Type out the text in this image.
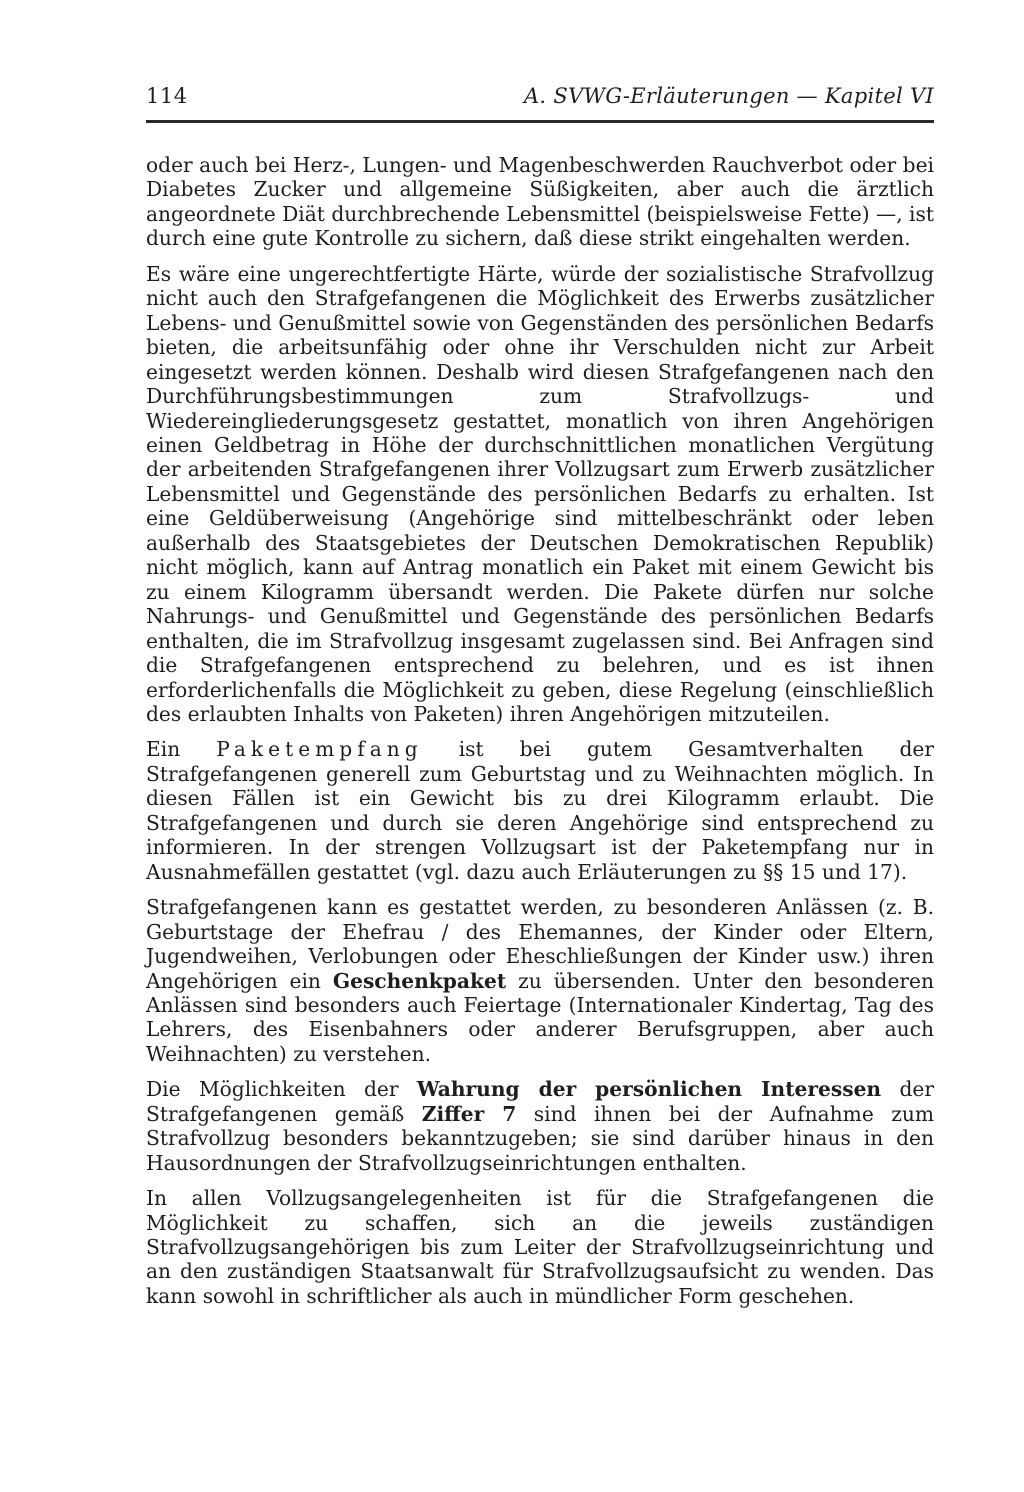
114	A. SVWG-Erläuterungen — Kapitel VI

oder auch bei Herz-, Lungen- und Magenbeschwerden Rauchverbot oder bei Diabetes Zucker und allgemeine Süßigkeiten, aber auch die ärztlich angeordnete Diät durchbrechende Lebensmittel (beispielsweise Fette) —, ist durch eine gute Kontrolle zu sichern, daß diese strikt eingehalten werden.

Es wäre eine ungerechtfertigte Härte, würde der sozialistische Strafvollzug nicht auch den Strafgefangenen die Möglichkeit des Erwerbs zusätzlicher Lebens- und Genußmittel sowie von Gegenständen des persönlichen Bedarfs bieten, die arbeitsunfähig oder ohne ihr Verschulden nicht zur Arbeit eingesetzt werden können. Deshalb wird diesen Strafgefangenen nach den Durchführungsbestimmungen zum Strafvollzugs- und Wiedereingliederungsgesetz gestattet, monatlich von ihren Angehörigen einen Geldbetrag in Höhe der durchschnittlichen monatlichen Vergütung der arbeitenden Strafgefangenen ihrer Vollzugsart zum Erwerb zusätzlicher Lebensmittel und Gegenstände des persönlichen Bedarfs zu erhalten. Ist eine Geldüberweisung (Angehörige sind mittelbeschränkt oder leben außerhalb des Staatsgebietes der Deutschen Demokratischen Republik) nicht möglich, kann auf Antrag monatlich ein Paket mit einem Gewicht bis zu einem Kilogramm übersandt werden. Die Pakete dürfen nur solche Nahrungs- und Genußmittel und Gegenstände des persönlichen Bedarfs enthalten, die im Strafvollzug insgesamt zugelassen sind. Bei Anfragen sind die Strafgefangenen entsprechend zu belehren, und es ist ihnen erforderlichenfalls die Möglichkeit zu geben, diese Regelung (einschließlich des erlaubten Inhalts von Paketen) ihren Angehörigen mitzuteilen.

Ein Paketempfang ist bei gutem Gesamtverhalten der Strafgefangenen generell zum Geburtstag und zu Weihnachten möglich. In diesen Fällen ist ein Gewicht bis zu drei Kilogramm erlaubt. Die Strafgefangenen und durch sie deren Angehörige sind entsprechend zu informieren. In der strengen Vollzugsart ist der Paketempfang nur in Ausnahmefällen gestattet (vgl. dazu auch Erläuterungen zu §§ 15 und 17).

Strafgefangenen kann es gestattet werden, zu besonderen Anlässen (z. B. Geburtstage der Ehefrau / des Ehemannes, der Kinder oder Eltern, Jugendweihen, Verlobungen oder Eheschließungen der Kinder usw.) ihren Angehörigen ein Geschenkpaket zu übersenden. Unter den besonderen Anlässen sind besonders auch Feiertage (Internationaler Kindertag, Tag des Lehrers, des Eisenbahners oder anderer Berufsgruppen, aber auch Weihnachten) zu verstehen.

Die Möglichkeiten der Wahrung der persönlichen Interessen der Strafgefangenen gemäß Ziffer 7 sind ihnen bei der Aufnahme zum Strafvollzug besonders bekanntzugeben; sie sind darüber hinaus in den Hausordnungen der Strafvollzugseinrichtungen enthalten.

In allen Vollzugsangelegenheiten ist für die Strafgefangenen die Möglichkeit zu schaffen, sich an die jeweils zuständigen Strafvollzugsangehörigen bis zum Leiter der Strafvollzugseinrichtung und an den zuständigen Staatsanwalt für Strafvollzugsaufsicht zu wenden. Das kann sowohl in schriftlicher als auch in mündlicher Form geschehen.
